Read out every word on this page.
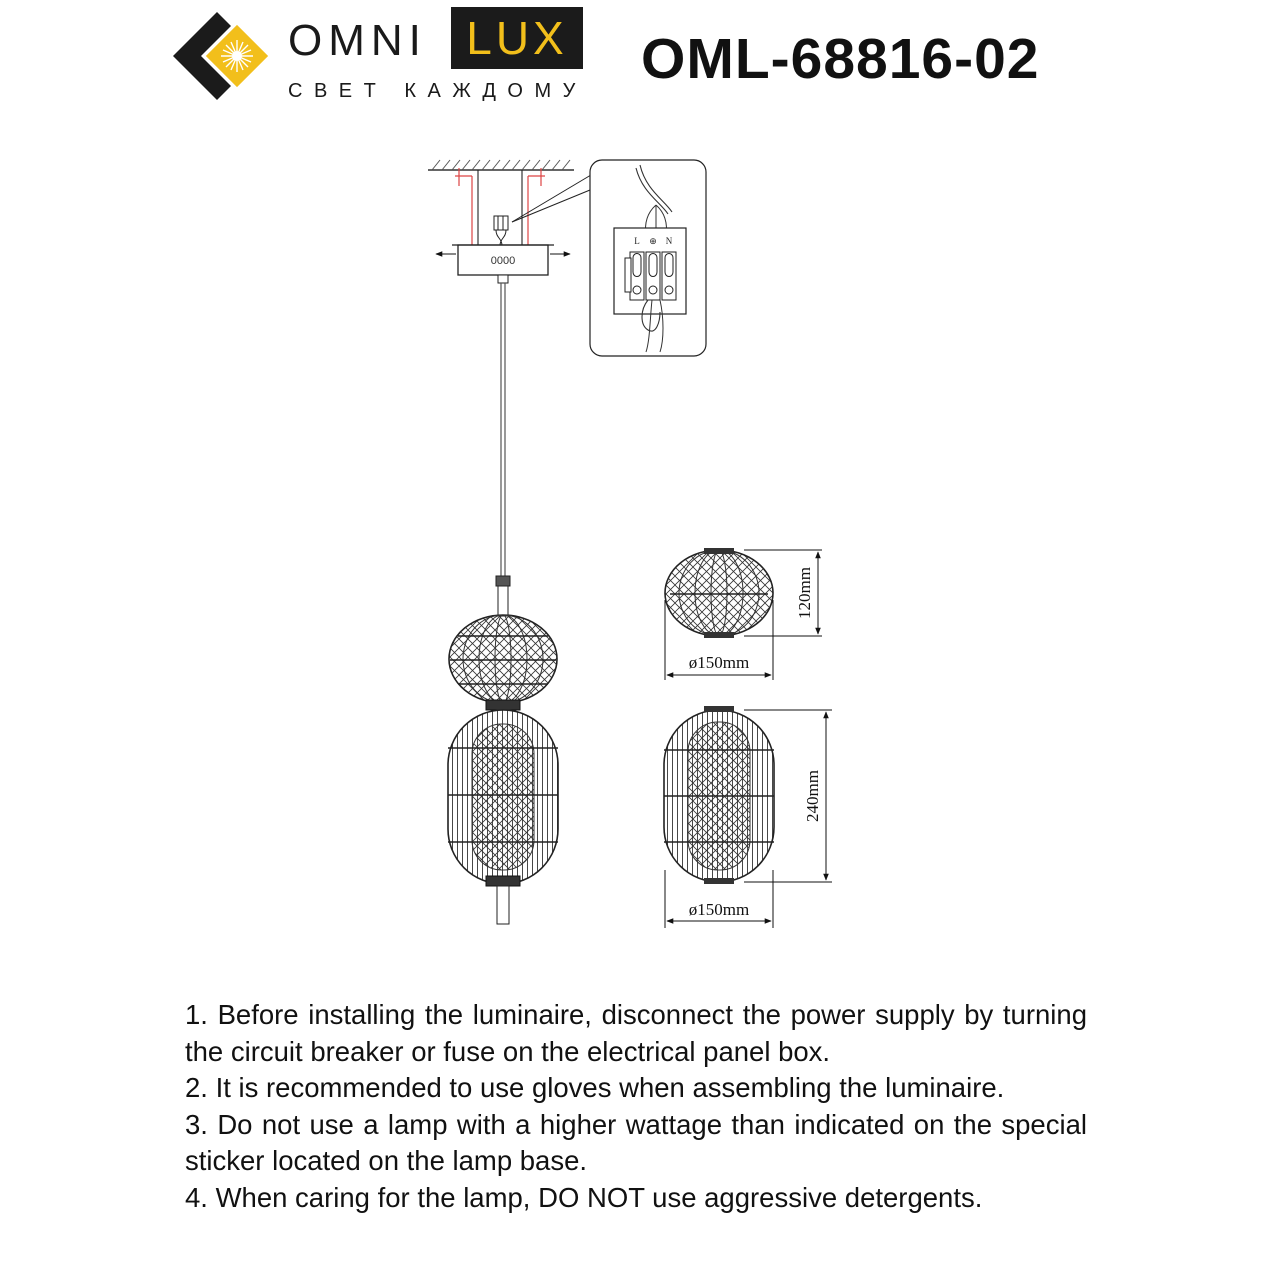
OMNI LUX
СВЕТ КАЖДОМУ OML-68816-02
0000
L ⊕ N
120mm
ø150mm
240mm
ø150mm
1. Before installing the luminaire, disconnect the power supply by turning the circuit breaker or fuse on the electrical panel box.
2. It is recommended to use gloves when assembling the luminaire.
3. Do not use a lamp with a higher wattage than indicated on the special sticker located on the lamp base.
4. When caring for the lamp, DO NOT use aggressive detergents.
